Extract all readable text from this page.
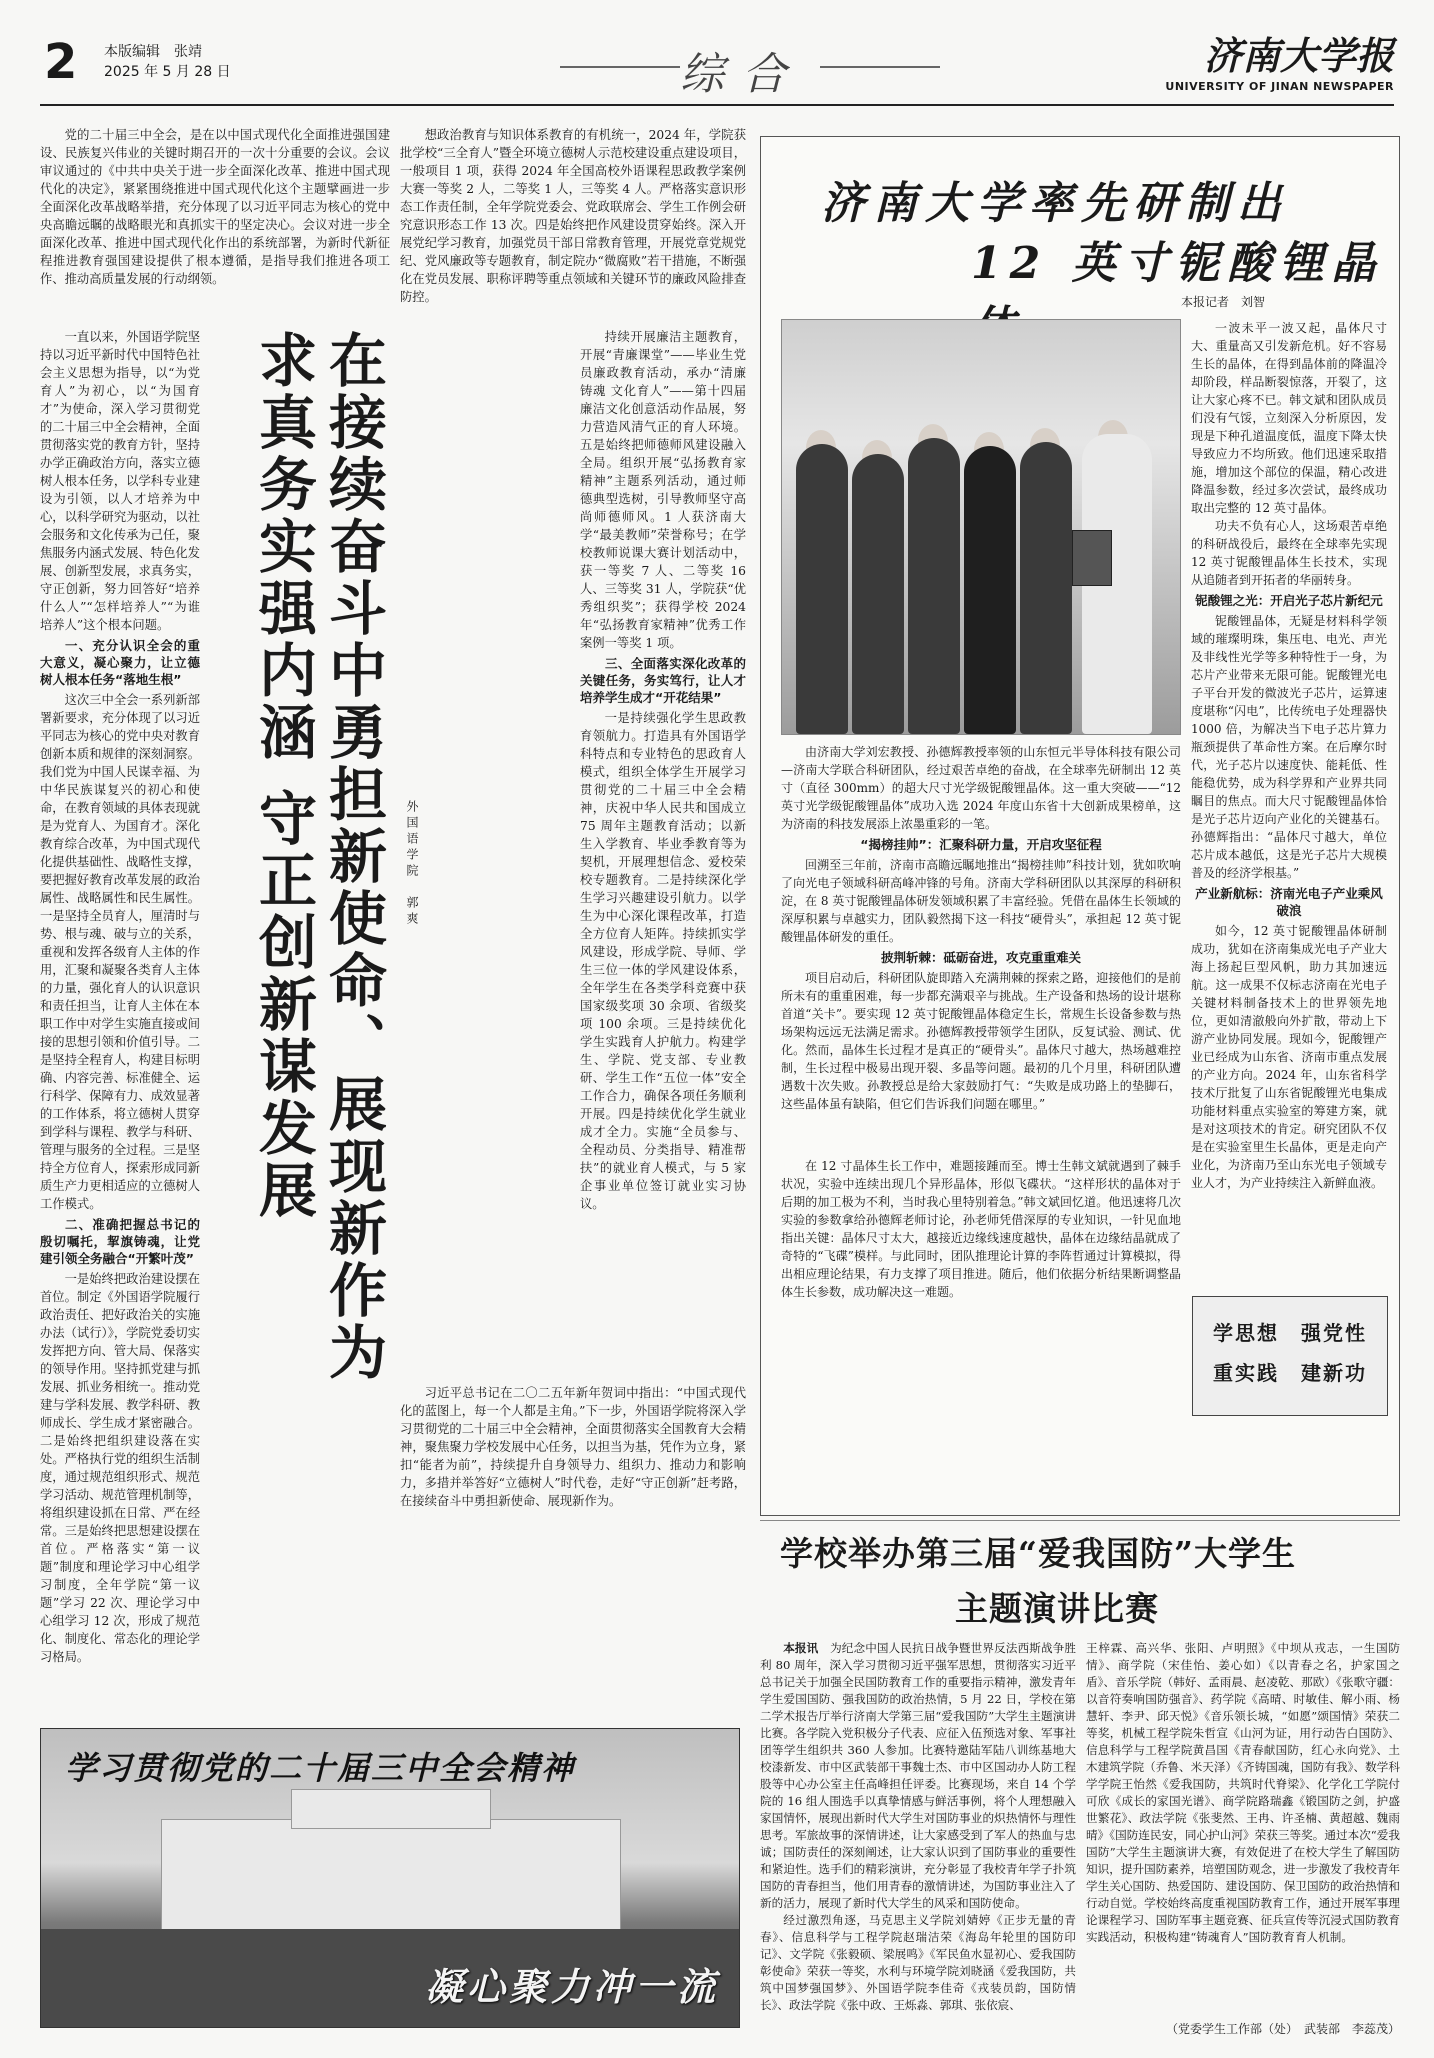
2 本版编辑　张靖
2025 年 5 月 28 日	综合	济南大学报
UNIVERSITY OF JINAN NEWSPAPER

党的二十届三中全会，是在以中国式现代化全面推进强国建设、民族复兴伟业的关键时期召开的一次十分重要的会议。会议审议通过的《中共中央关于进一步全面深化改革、推进中国式现代化的决定》，紧紧围绕推进中国式现代化这个主题擘画进一步全面深化改革战略举措，充分体现了以习近平同志为核心的党中央高瞻远瞩的战略眼光和真抓实干的坚定决心。会议对进一步全面深化改革、推进中国式现代化作出的系统部署，为新时代新征程推进教育强国建设提供了根本遵循，是指导我们推进各项工作、推动高质量发展的行动纲领。

一直以来，外国语学院坚持以习近平新时代中国特色社会主义思想为指导，以“为党育人”为初心，以“为国育才”为使命，深入学习贯彻党的二十届三中全会精神，全面贯彻落实党的教育方针，坚持办学正确政治方向，落实立德树人根本任务，以学科专业建设为引领，以人才培养为中心，以科学研究为驱动，以社会服务和文化传承为己任，聚焦服务内涵式发展、特色化发展、创新型发展，求真务实，守正创新，努力回答好“培养什么人”“怎样培养人”“为谁培养人”这个根本问题。

一、充分认识全会的重大意义，凝心聚力，让立德树人根本任务“落地生根”

这次三中全会一系列新部署新要求，充分体现了以习近平同志为核心的党中央对教育创新本质和规律的深刻洞察。我们党为中国人民谋幸福、为中华民族谋复兴的初心和使命，在教育领域的具体表现就是为党育人、为国育才。深化教育综合改革，为中国式现代化提供基础性、战略性支撑，要把握好教育改革发展的政治属性、战略属性和民生属性。一是坚持全员育人，厘清时与势、根与魂、破与立的关系，重视和发挥各级育人主体的作用，汇聚和凝聚各类育人主体的力量，强化育人的认识意识和责任担当，让育人主体在本职工作中对学生实施直接或间接的思想引领和价值引导。二是坚持全程育人，构建目标明确、内容完善、标准健全、运行科学、保障有力、成效显著的工作体系，将立德树人贯穿到学科与课程、教学与科研、管理与服务的全过程。三是坚持全方位育人，探索形成同新质生产力更相适应的立德树人工作模式。

二、准确把握总书记的殷切嘱托，挈旗铸魂，让党建引领全务融合“开繁叶茂”

一是始终把政治建设摆在首位。制定《外国语学院履行政治责任、把好政治关的实施办法（试行）》，学院党委切实发挥把方向、管大局、保落实的领导作用。坚持抓党建与抓发展、抓业务相统一。推动党建与学科发展、教学科研、教师成长、学生成才紧密融合。二是始终把组织建设落在实处。严格执行党的组织生活制度，通过规范组织形式、规范学习活动、规范管理机制等，将组织建设抓在日常、严在经常。三是始终把思想建设摆在首位。严格落实“第一议题”制度和理论学习中心组学习制度，全年学院“第一议题”学习 22 次、理论学习中心组学习 12 次，形成了规范化、制度化、常态化的理论学习格局。

求真务实强内涵 守正创新谋发展 在接续奋斗中勇担新使命、展现新作为 外国语学院　郭爽

想政治教育与知识体系教育的有机统一，2024 年，学院获批学校“三全育人”暨全环境立德树人示范校建设重点建设项目，一般项目 1 项，获得 2024 年全国高校外语课程思政教学案例大赛一等奖 2 人，二等奖 1 人，三等奖 4 人。严格落实意识形态工作责任制，全年学院党委会、党政联席会、学生工作例会研究意识形态工作 13 次。四是始终把作风建设贯穿始终。深入开展党纪学习教育，加强党员干部日常教育管理，开展党章党规党纪、党风廉政等专题教育，制定院办“微腐败”若干措施，不断强化在党员发展、职称评聘等重点领域和关键环节的廉政风险排查防控。

持续开展廉洁主题教育，开展“青廉课堂”——毕业生党员廉政教育活动，承办“清廉铸魂 文化育人”——第十四届廉洁文化创意活动作品展，努力营造风清气正的育人环境。五是始终把师德师风建设融入全局。组织开展“弘扬教育家精神”主题系列活动，通过师德典型选树，引导教师坚守高尚师德师风。1 人获济南大学“最美教师”荣誉称号；在学校教师说课大赛计划活动中，获一等奖 7 人、二等奖 16 人、三等奖 31 人，学院获“优秀组织奖”；获得学校 2024 年“弘扬教育家精神”优秀工作案例一等奖 1 项。

三、全面落实深化改革的关键任务，务实笃行，让人才培养学生成才“开花结果”

一是持续强化学生思政教育领航力。打造具有外国语学科特点和专业特色的思政育人模式，组织全体学生开展学习贯彻党的二十届三中全会精神，庆祝中华人民共和国成立 75 周年主题教育活动；以新生入学教育、毕业季教育等为契机，开展理想信念、爱校荣校专题教育。二是持续深化学生学习兴趣建设引航力。以学生为中心深化课程改革，打造全方位育人矩阵。持续抓实学风建设，形成学院、导师、学生三位一体的学风建设体系，全年学生在各类学科竞赛中获国家级奖项 30 余项、省级奖项 100 余项。三是持续优化学生实践育人护航力。构建学生、学院、党支部、专业教研、学生工作“五位一体”安全工作合力，确保各项任务顺利开展。四是持续优化学生就业成才全力。实施“全员参与、全程动员、分类指导、精准帮扶”的就业育人模式，与 5 家企事业单位签订就业实习协议。

习近平总书记在二〇二五年新年贺词中指出：“中国式现代化的蓝图上，每一个人都是主角。”下一步，外国语学院将深入学习贯彻党的二十届三中全会精神，全面贯彻落实全国教育大会精神，聚焦聚力学校发展中心任务，以担当为基，凭作为立身，紧扣“能者为前”，持续提升自身领导力、组织力、推动力和影响力，多措并举答好“立德树人”时代卷，走好“守正创新”赶考路，在接续奋斗中勇担新使命、展现新作为。

济南大学率先研制出
12 英寸铌酸锂晶
本报记者　刘智

由济南大学刘宏教授、孙德辉教授率领的山东恒元半导体科技有限公司—济南大学联合科研团队，经过艰苦卓绝的奋战，在全球率先研制出 12 英寸（直径 300mm）的超大尺寸光学级铌酸锂晶体。这一重大突破——“12 英寸光学级铌酸锂晶体”成功入选 2024 年度山东省十大创新成果榜单，这为济南的科技发展添上浓墨重彩的一笔。

“揭榜挂帅”：汇聚科研力量，开启攻坚征程

回溯至三年前，济南市高瞻远瞩地推出“揭榜挂帅”科技计划，犹如吹响了向光电子领域科研高峰冲锋的号角。济南大学科研团队以其深厚的科研积淀，在 8 英寸铌酸锂晶体研发领域积累了丰富经验。凭借在晶体生长领域的深厚积累与卓越实力，团队毅然揭下这一科技“硬骨头”，承担起 12 英寸铌酸锂晶体研发的重任。

披荆斩棘：砥砺奋进，攻克重重难关

项目启动后，科研团队旋即踏入充满荆棘的探索之路，迎接他们的是前所未有的重重困难，每一步都充满艰辛与挑战。生产设备和热场的设计堪称首道“关卡”。要实现 12 英寸铌酸锂晶体稳定生长，常规生长设备参数与热场架构远远无法满足需求。孙德辉教授带领学生团队，反复试验、测试、优化。然而，晶体生长过程才是真正的“硬骨头”。晶体尺寸越大，热场越难控制，生长过程中极易出现开裂、多晶等问题。最初的几个月里，科研团队遭遇数十次失败。孙教授总是给大家鼓励打气：“失败是成功路上的垫脚石，这些晶体虽有缺陷，但它们告诉我们问题在哪里。”

在 12 寸晶体生长工作中，难题接踵而至。博士生韩文斌就遇到了棘手状况，实验中连续出现几个异形晶体，形似飞碟状。“这样形状的晶体对于后期的加工极为不利，当时我心里特别着急。”韩文斌回忆道。他迅速将几次实验的参数拿给孙德辉老师讨论，孙老师凭借深厚的专业知识，一针见血地指出关键：晶体尺寸太大，越接近边缘线速度越快，晶体在边缘结晶就成了奇特的“飞碟”模样。与此同时，团队推理论计算的李阵哲通过计算模拟，得出相应理论结果，有力支撑了项目推进。随后，他们依据分析结果断调整晶体生长参数，成功解决这一难题。

一波未平一波又起，晶体尺寸大、重量高又引发新危机。好不容易生长的晶体，在得到晶体前的降温冷却阶段，样品断裂惊落，开裂了，这让大家心疼不已。韩文斌和团队成员们没有气馁，立刻深入分析原因，发现是下种孔道温度低，温度下降太快导致应力不均所致。他们迅速采取措施，增加这个部位的保温，精心改进降温参数，经过多次尝试，最终成功取出完整的 12 英寸晶体。

功夫不负有心人，这场艰苦卓绝的科研战役后，最终在全球率先实现 12 英寸铌酸锂晶体生长技术，实现从追随者到开拓者的华丽转身。

铌酸锂之光：开启光子芯片新纪元

铌酸锂晶体，无疑是材料科学领域的璀璨明珠，集压电、电光、声光及非线性光学等多种特性于一身，为芯片产业带来无限可能。铌酸锂光电子平台开发的微波光子芯片，运算速度堪称“闪电”，比传统电子处理器快 1000 倍，为解决当下电子芯片算力瓶颈提供了革命性方案。在后摩尔时代，光子芯片以速度快、能耗低、性能稳优势，成为科学界和产业界共同瞩目的焦点。而大尺寸铌酸锂晶体恰是光子芯片迈向产业化的关键基石。孙德辉指出：“晶体尺寸越大，单位芯片成本越低，这是光子芯片大规模普及的经济学根基。”

产业新航标：济南光电子产业乘风破浪

如今，12 英寸铌酸锂晶体研制成功，犹如在济南集成光电子产业大海上扬起巨型风帆，助力其加速远航。这一成果不仅标志济南在光电子关键材料制备技术上的世界领先地位，更如清澈般向外扩散，带动上下游产业协同发展。现如今，铌酸锂产业已经成为山东省、济南市重点发展的产业方向。2024 年，山东省科学技术厅批复了山东省铌酸锂光电集成功能材料重点实验室的筹建方案，就是对这项技术的肯定。研究团队不仅是在实验室里生长晶体，更是走向产业化，为济南乃至山东光电子领域专业人才，为产业持续注入新鲜血液。

学思想　强党性
重实践　建新功
学校举办第三届“爱我国防”大学生
主题演讲比赛

本报讯　 为纪念中国人民抗日战争暨世界反法西斯战争胜利 80 周年，深入学习贯彻习近平强军思想，贯彻落实习近平总书记关于加强全民国防教育工作的重要指示精神，激发青年学生爱国国防、强我国防的政治热情，5 月 22 日，学校在第二学术报告厅举行济南大学第三届“爱我国防”大学生主题演讲比赛。各学院入党积极分子代表、应征入伍预选对象、军事社团等学生组织共 360 人参加。比赛特邀陆军陆八训练基地大校漆新发、市中区武装部干事魏士杰、市中区国动办人防工程股等中心办公室主任高峰担任评委。比赛现场，来自 14 个学院的 16 组人围选手以真挚情感与鲜活事例，将个人理想融入家国情怀，展现出新时代大学生对国防事业的炽热情怀与理性思考。军旅故事的深情讲述，让大家感受到了军人的热血与忠诚；国防责任的深刻阐述，让大家认识到了国防事业的重要性和紧迫性。选手们的精彩演讲，充分彰显了我校青年学子扑筑国防的青春担当，他们用青春的激情讲述，为国防事业注入了新的活力，展现了新时代大学生的风采和国防使命。

经过激烈角逐，马克思主义学院刘婧婷《正步无量的青春》、信息科学与工程学院赵瑞洁荣《海岛年轮里的国防印记》、文学院《张毅硕、梁展鸣》《军民鱼水显初心、爱我国防彰使命》荣获一等奖，水利与环境学院刘晓涵《爱我国防，共筑中国梦强国梦》、外国语学院李佳奇《戎装员韵，国防情长》、政法学院《张中政、王烁淼、郭琪、张依宸、

王梓霖、高兴华、张阳、卢明照》《中坝从戎志，一生国防情》、商学院（宋佳怡、姜心如）《以青春之名，护家国之盾》、音乐学院（韩好、孟雨晨、赵凌乾、那欧）《张歌守疆：以音符奏响国防强音》、药学院《高晴、时敏佳、解小雨、杨慧轩、李尹、邱天悦》《音乐领长城，“如愿”颂国情》荣获二等奖，机械工程学院朱哲宣《山河为证，用行动告白国防》、信息科学与工程学院黄昌国《青春献国防，红心永向党》、土木建筑学院（乔鲁、米天泽）《齐铸国魂，国防有我》、数学科学学院王怡然《爱我国防，共筑时代脊梁》、化学化工学院付可欣《成长的家国光谱》、商学院路瑞鑫《锻国防之剑，护盛世繁花》、政法学院《张斐然、王冉、许圣楠、黄超越、魏雨晴》《国防连民安，同心护山河》荣获三等奖。通过本次“爱我国防”大学生主题演讲大赛，有效促进了在校大学生了解国防知识，提升国防素养，培塑国防观念，进一步激发了我校青年学生关心国防、热爱国防、建设国防、保卫国防的政治热情和行动自觉。学校始终高度重视国防教育工作，通过开展军事理论课程学习、国防军事主题竞赛、征兵宣传等沉浸式国防教育实践活动，积极构建“铸魂育人”国防教育育人机制。

（党委学生工作部（处）　武装部　李蕊茂）
学习贯彻党的二十届三中全会精神
凝心聚力冲一流
